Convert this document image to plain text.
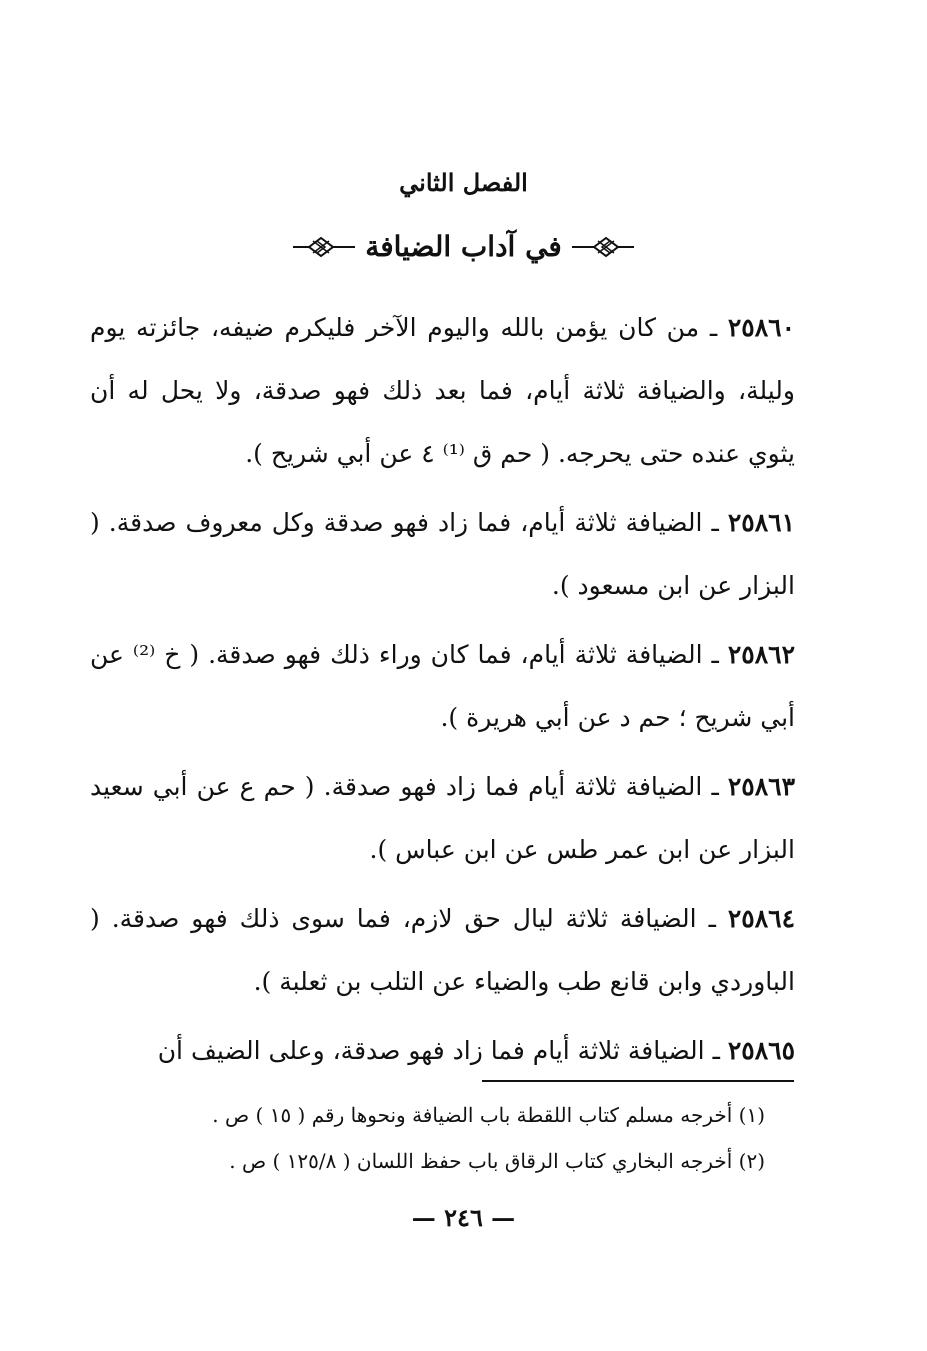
الفصل الثاني
في آداب الضيافة

٢٥٨٦٠ ـ من كان يؤمن بالله واليوم الآخر فليكرم ضيفه، جائزته يوم وليلة، والضيافة ثلاثة أيام، فما بعد ذلك فهو صدقة، ولا يحل له أن يثوي عنده حتى يحرجه. ( حم ق ⁽¹⁾ ٤ عن أبي شريح ).

٢٥٨٦١ ـ الضيافة ثلاثة أيام، فما زاد فهو صدقة وكل معروف صدقة. ( البزار عن ابن مسعود ).

٢٥٨٦٢ ـ الضيافة ثلاثة أيام، فما كان وراء ذلك فهو صدقة. ( خ ⁽²⁾ عن أبي شريح ؛ حم د عن أبي هريرة ).

٢٥٨٦٣ ـ الضيافة ثلاثة أيام فما زاد فهو صدقة. ( حم ع عن أبي سعيد البزار عن ابن عمر طس عن ابن عباس ).

٢٥٨٦٤ ـ الضيافة ثلاثة ليال حق لازم، فما سوى ذلك فهو صدقة. ( الباوردي وابن قانع طب والضياء عن التلب بن ثعلبة ).

٢٥٨٦٥ ـ الضيافة ثلاثة أيام فما زاد فهو صدقة، وعلى الضيف أن

(١) أخرجه مسلم كتاب اللقطة باب الضيافة ونحوها رقم ( ١٥ ) ص .

(٢) أخرجه البخاري كتاب الرقاق باب حفظ اللسان ( ١٢٥/٨ ) ص .

— ٢٤٦ —
